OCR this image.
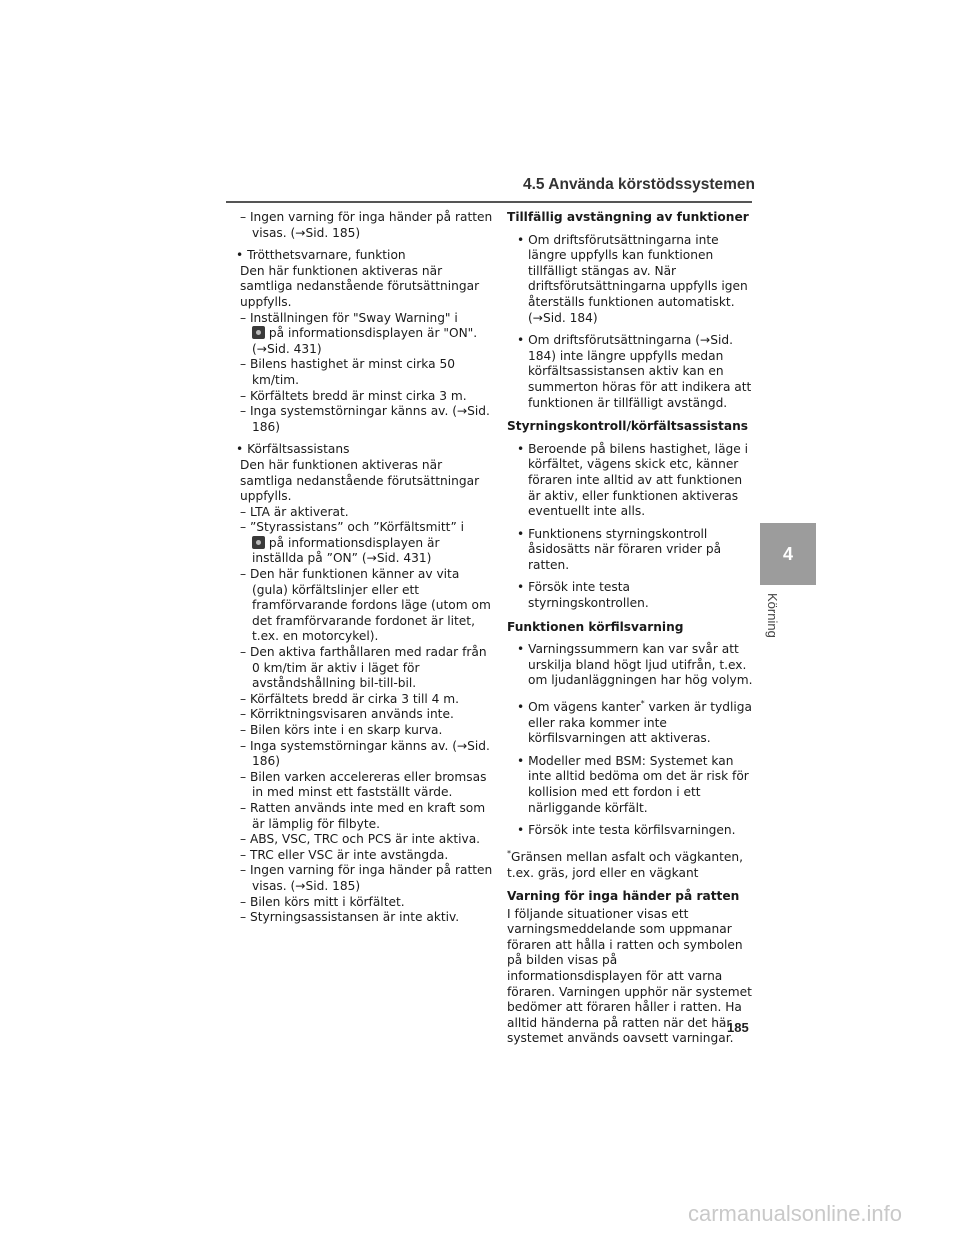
4.5 Använda körstödssystemen
– Ingen varning för inga händer på ratten visas. (→Sid. 185)
• Trötthetsvarnare, funktion
Den här funktionen aktiveras när samtliga nedanstående förutsättningar uppfylls.
– Inställningen för "Sway Warning" i
på informationsdisplayen är "ON". (→Sid. 431)
– Bilens hastighet är minst cirka 50 km/tim.
– Körfältets bredd är minst cirka 3 m.
– Inga systemstörningar känns av. (→Sid. 186)
• Körfältsassistans
Den här funktionen aktiveras när samtliga nedanstående förutsättningar uppfylls.
– LTA är aktiverat.
– ”Styrassistans” och ”Körfältsmitt” i
på informationsdisplayen är inställda på ”ON” (→Sid. 431)
– Den här funktionen känner av vita (gula) körfältslinjer eller ett framförvarande fordons läge (utom om det framförvarande fordonet är litet, t.ex. en motorcykel).
– Den aktiva farthållaren med radar från 0 km/tim är aktiv i läget för avståndshållning bil-till-bil.
– Körfältets bredd är cirka 3 till 4 m.
– Körriktningsvisaren används inte.
– Bilen körs inte i en skarp kurva.
– Inga systemstörningar känns av. (→Sid. 186)
– Bilen varken accelereras eller bromsas in med minst ett fastställt värde.
– Ratten används inte med en kraft som är lämplig för filbyte.
– ABS, VSC, TRC och PCS är inte aktiva.
– TRC eller VSC är inte avstängda.
– Ingen varning för inga händer på ratten visas. (→Sid. 185)
– Bilen körs mitt i körfältet.
– Styrningsassistansen är inte aktiv.
Tillfällig avstängning av funktioner
• Om driftsförutsättningarna inte längre uppfylls kan funktionen tillfälligt stängas av. När driftsförutsättningarna uppfylls igen återställs funktionen automatiskt. (→Sid. 184)
• Om driftsförutsättningarna (→Sid. 184) inte längre uppfylls medan körfältsassistansen aktiv kan en summerton höras för att indikera att funktionen är tillfälligt avstängd.
Styrningskontroll/körfältsassistans
• Beroende på bilens hastighet, läge i körfältet, vägens skick etc, känner föraren inte alltid av att funktionen är aktiv, eller funktionen aktiveras eventuellt inte alls.
• Funktionens styrningskontroll åsidosätts när föraren vrider på ratten.
• Försök inte testa styrningskontrollen.
Funktionen körfilsvarning
• Varningssummern kan var svår att urskilja bland högt ljud utifrån, t.ex. om ljudanläggningen har hög volym.
• Om vägens kanter* varken är tydliga eller raka kommer inte körfilsvarningen att aktiveras.
• Modeller med BSM: Systemet kan inte alltid bedöma om det är risk för kollision med ett fordon i ett närliggande körfält.
• Försök inte testa körfilsvarningen.
*Gränsen mellan asfalt och vägkanten, t.ex. gräs, jord eller en vägkant
Varning för inga händer på ratten
I följande situationer visas ett varningsmeddelande som uppmanar föraren att hålla i ratten och symbolen på bilden visas på informationsdisplayen för att varna föraren. Varningen upphör när systemet bedömer att föraren håller i ratten. Ha alltid händerna på ratten när det här systemet används oavsett varningar.
4
Körning
185
carmanualsonline.info
